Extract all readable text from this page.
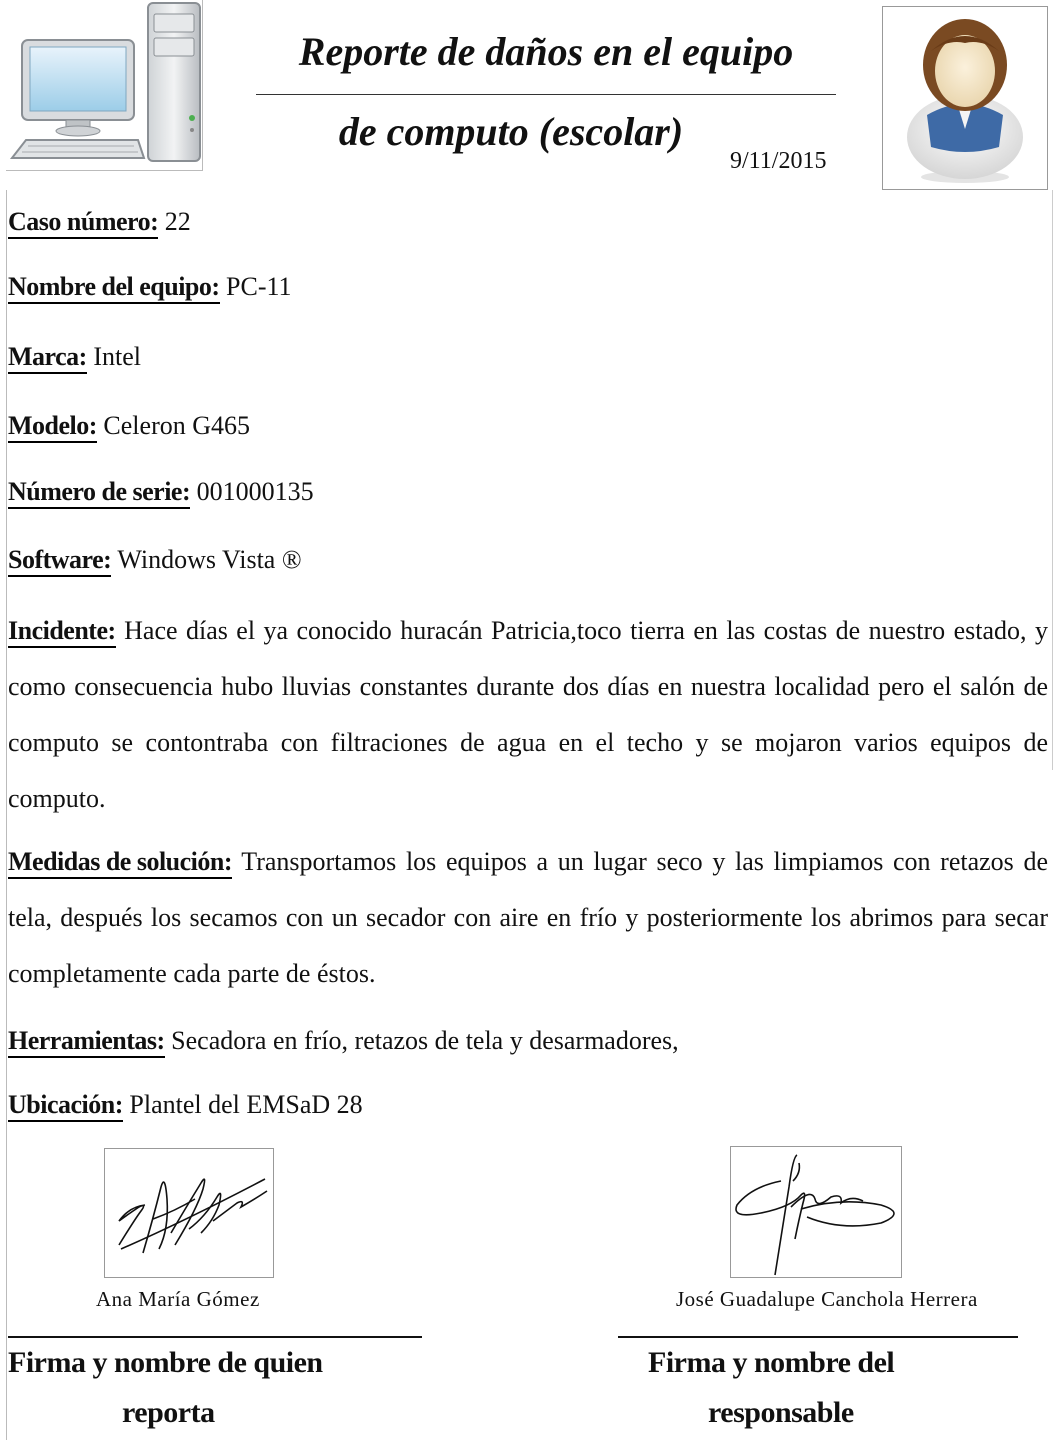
Reporte de daños en el equipo
de computo (escolar)
9/11/2015
Caso número: 22
Nombre del equipo: PC-11
Marca: Intel
Modelo: Celeron G465
Número de serie: 001000135
Software: Windows Vista ®
Incidente: Hace días el ya conocido huracán Patricia,toco tierra en las costas de nuestro estado, y como consecuencia hubo lluvias constantes durante dos días en nuestra localidad pero el salón de computo se contontraba con filtraciones de agua en el techo y se mojaron varios equipos de computo.
Medidas de solución: Transportamos los equipos a un lugar seco y las limpiamos con retazos de tela, después los secamos con un secador con aire en frío y posteriormente los abrimos para secar completamente cada parte de éstos.
Herramientas: Secadora en frío, retazos de tela y desarmadores,
Ubicación: Plantel del EMSaD 28
Ana María Gómez	José Guadalupe Canchola Herrera
Firma y nombre de quien
reporta
Firma y nombre del
responsable
